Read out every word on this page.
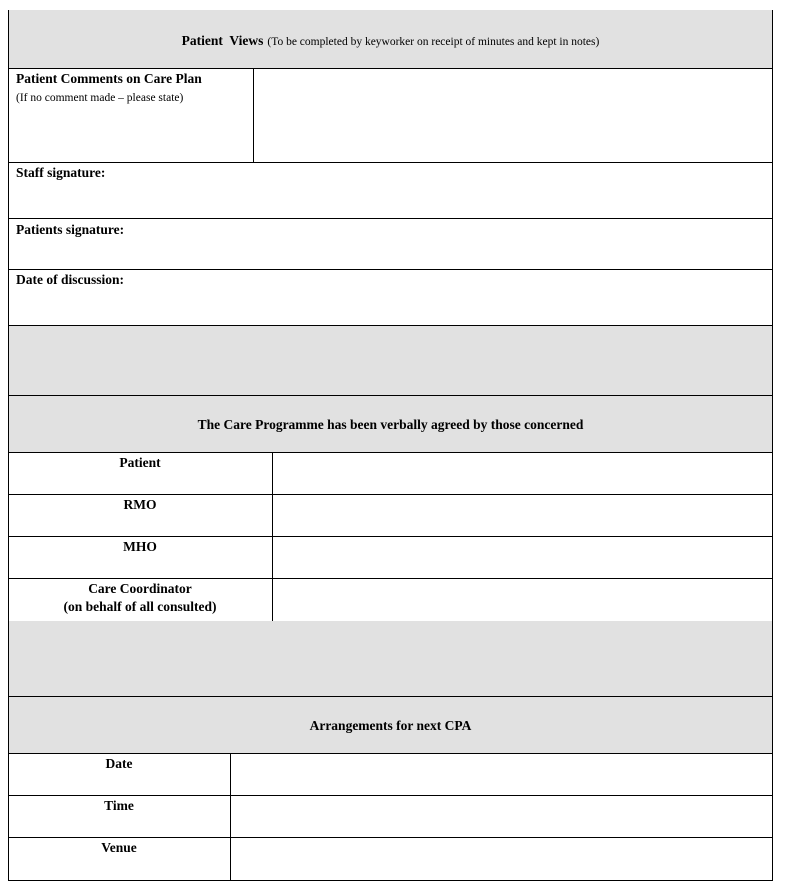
Patient  Views (To be completed by keyworker on receipt of minutes and kept in notes)
Patient Comments on Care Plan
(If no comment made – please state)
Staff signature:
Patients signature:
Date of discussion:
The Care Programme has been verbally agreed by those concerned
Patient
RMO
MHO
Care Coordinator
(on behalf of all consulted)
Arrangements for next CPA
Date
Time
Venue
